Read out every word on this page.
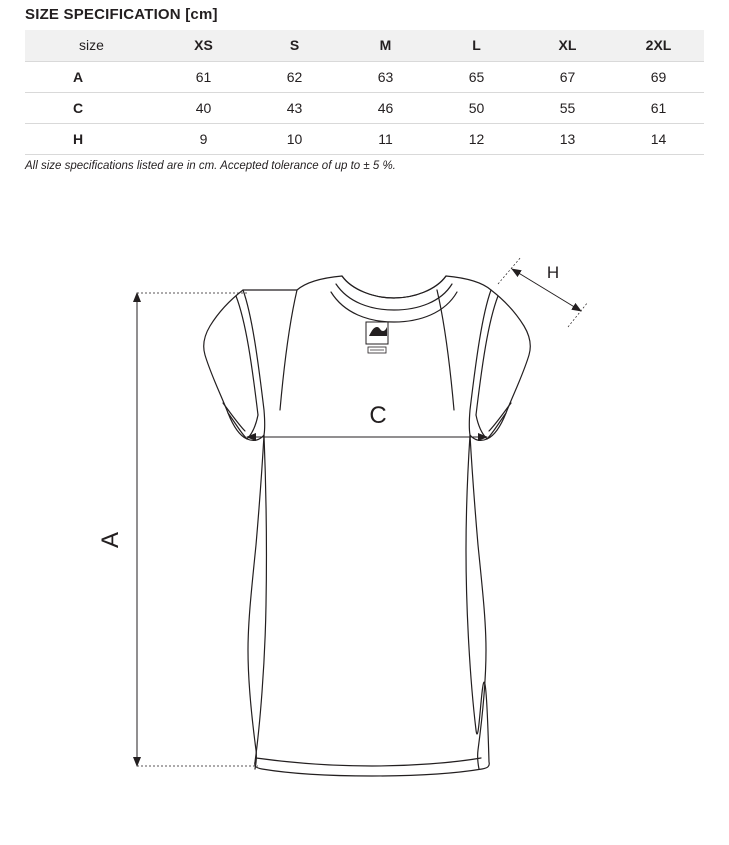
SIZE SPECIFICATION [cm]
size	XS	S	M	L	XL	2XL
A	61	62	63	65	67	69
C	40	43	46	50	55	61
H	9	10	11	12	13	14
All size specifications listed are in cm. Accepted tolerance of up to ± 5 %.
A
C
H
